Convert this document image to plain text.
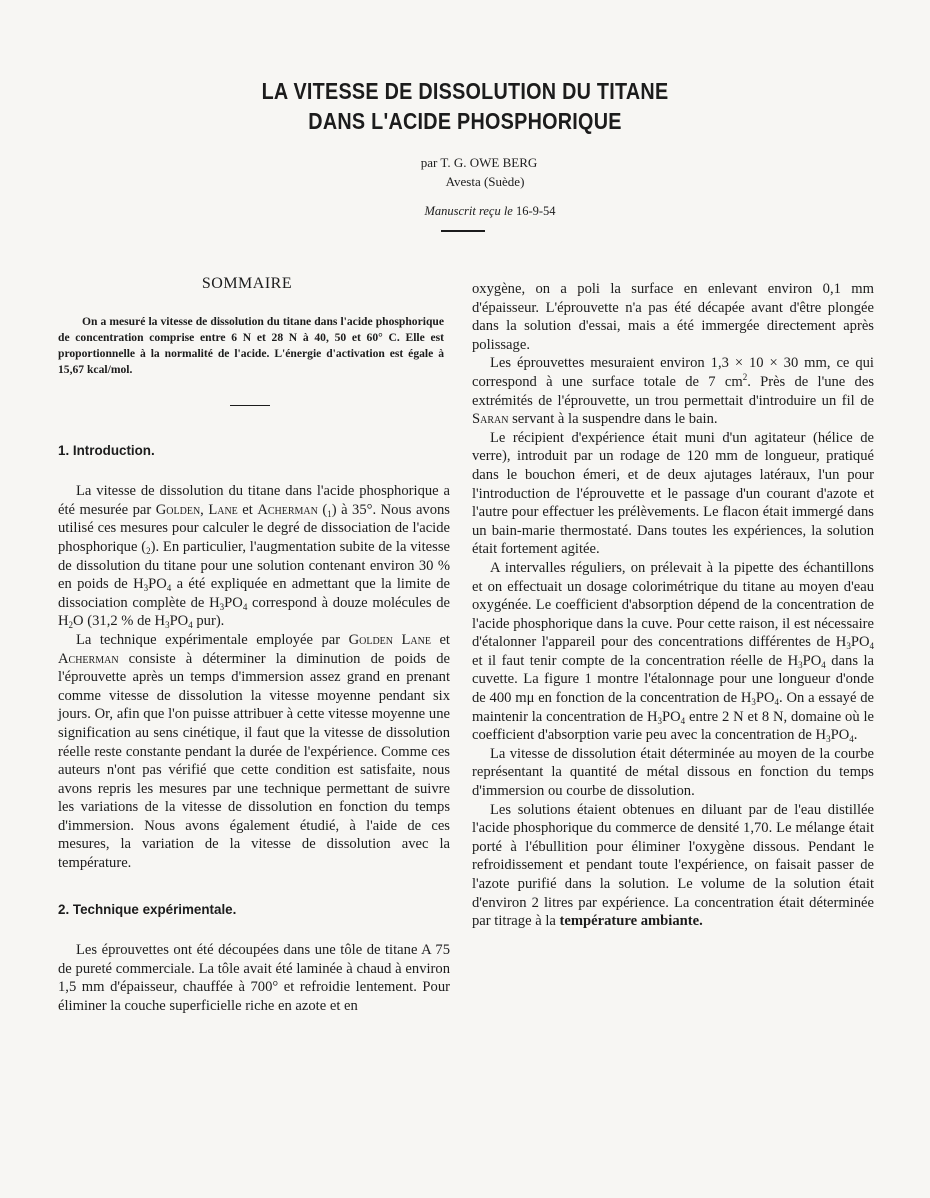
LA VITESSE DE DISSOLUTION DU TITANE
DANS L'ACIDE PHOSPHORIQUE
par T. G. OWE BERG
Avesta (Suède)
Manuscrit reçu le 16-9-54
SOMMAIRE

On a mesuré la vitesse de dissolution du titane dans l'acide phosphorique de concentration comprise entre 6 N et 28 N à 40, 50 et 60° C. Elle est proportionnelle à la normalité de l'acide. L'énergie d'activation est égale à 15,67 kcal/mol.

1. Introduction.

La vitesse de dissolution du titane dans l'acide phosphorique a été mesurée par Golden, Lane et Acherman $(_1)$ à 35°. Nous avons utilisé ces mesures pour calculer le degré de dissociation de l'acide phosphorique $(_2)$. En particulier, l'augmentation subite de la vitesse de dissolution du titane pour une solution contenant environ 30 % en poids de $H_3PO_4$ a été expliquée en admettant que la limite de dissociation complète de $H_3PO_4$ correspond à douze molécules de $H_2O$ (31,2 % de $H_3PO_4$ pur).

La technique expérimentale employée par Golden Lane et Acherman consiste à déterminer la diminution de poids de l'éprouvette après un temps d'immersion assez grand en prenant comme vitesse de dissolution la vitesse moyenne pendant six jours. Or, afin que l'on puisse attribuer à cette vitesse moyenne une signification au sens cinétique, il faut que la vitesse de dissolution réelle reste constante pendant la durée de l'expérience. Comme ces auteurs n'ont pas vérifié que cette condition est satisfaite, nous avons repris les mesures par une technique permettant de suivre les variations de la vitesse de dissolution en fonction du temps d'immersion. Nous avons également étudié, à l'aide de ces mesures, la variation de la vitesse de dissolution avec la température.

2. Technique expérimentale.

Les éprouvettes ont été découpées dans une tôle de titane A 75 de pureté commerciale. La tôle avait été laminée à chaud à environ 1,5 mm d'épaisseur, chauffée à 700° et refroidie lentement. Pour éliminer la couche superficielle riche en azote et en

oxygène, on a poli la surface en enlevant environ 0,1 mm d'épaisseur. L'éprouvette n'a pas été décapée avant d'être plongée dans la solution d'essai, mais a été immergée directement après polissage.

Les éprouvettes mesuraient environ 1,3 × 10 × 30 mm, ce qui correspond à une surface totale de 7 $cm^2$. Près de l'une des extrémités de l'éprouvette, un trou permettait d'introduire un fil de Saran servant à la suspendre dans le bain.

Le récipient d'expérience était muni d'un agitateur (hélice de verre), introduit par un rodage de 120 mm de longueur, pratiqué dans le bouchon émeri, et de deux ajutages latéraux, l'un pour l'introduction de l'éprouvette et le passage d'un courant d'azote et l'autre pour effectuer les prélèvements. Le flacon était immergé dans un bain-marie thermostaté. Dans toutes les expériences, la solution était fortement agitée.

A intervalles réguliers, on prélevait à la pipette des échantillons et on effectuait un dosage colorimétrique du titane au moyen d'eau oxygénée. Le coefficient d'absorption dépend de la concentration de l'acide phosphorique dans la cuve. Pour cette raison, il est nécessaire d'étalonner l'appareil pour des concentrations différentes de $H_3PO_4$ et il faut tenir compte de la concentration réelle de $H_3PO_4$ dans la cuvette. La figure 1 montre l'étalonnage pour une longueur d'onde de 400 mμ en fonction de la concentration de $H_3PO_4$. On a essayé de maintenir la concentration de $H_3PO_4$ entre 2 N et 8 N, domaine où le coefficient d'absorption varie peu avec la concentration de $H_3PO_4$.

La vitesse de dissolution était déterminée au moyen de la courbe représentant la quantité de métal dissous en fonction du temps d'immersion ou courbe de dissolution.

Les solutions étaient obtenues en diluant par de l'eau distillée l'acide phosphorique du commerce de densité 1,70. Le mélange était porté à l'ébullition pour éliminer l'oxygène dissous. Pendant le refroidissement et pendant toute l'expérience, on faisait passer de l'azote purifié dans la solution. Le volume de la solution était d'environ 2 litres par expérience. La concentration était déterminée par titrage à la température ambiante.
